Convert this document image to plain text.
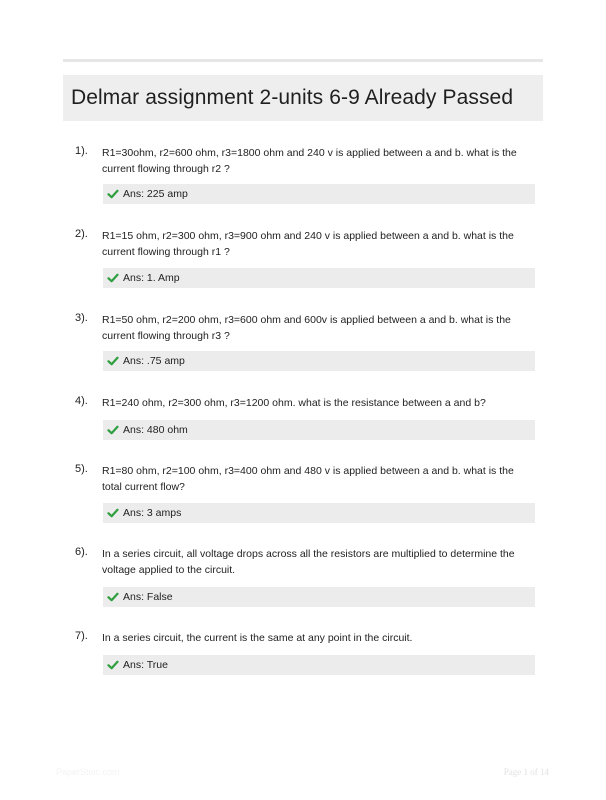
Delmar assignment 2-units 6-9 Already Passed
1). R1=30ohm, r2=600 ohm, r3=1800 ohm and 240 v is applied between a and b. what is the current flowing through r2 ?
Ans: 225 amp
2). R1=15 ohm, r2=300 ohm, r3=900 ohm and 240 v is applied between a and b. what is the current flowing through r1 ?
Ans: 1. Amp
3). R1=50 ohm, r2=200 ohm, r3=600 ohm and 600v is applied between a and b. what is the current flowing through r3 ?
Ans: .75 amp
4). R1=240 ohm, r2=300 ohm, r3=1200 ohm. what is the resistance between a and b?
Ans: 480 ohm
5). R1=80 ohm, r2=100 ohm, r3=400 ohm and 480 v is applied between a and b. what is the total current flow?
Ans: 3 amps
6). In a series circuit, all voltage drops across all the resistors are multiplied to determine the voltage applied to the circuit.
Ans: False
7). In a series circuit, the current is the same at any point in the circuit.
Ans: True
PaperStoic.com	Page 1 of 14
